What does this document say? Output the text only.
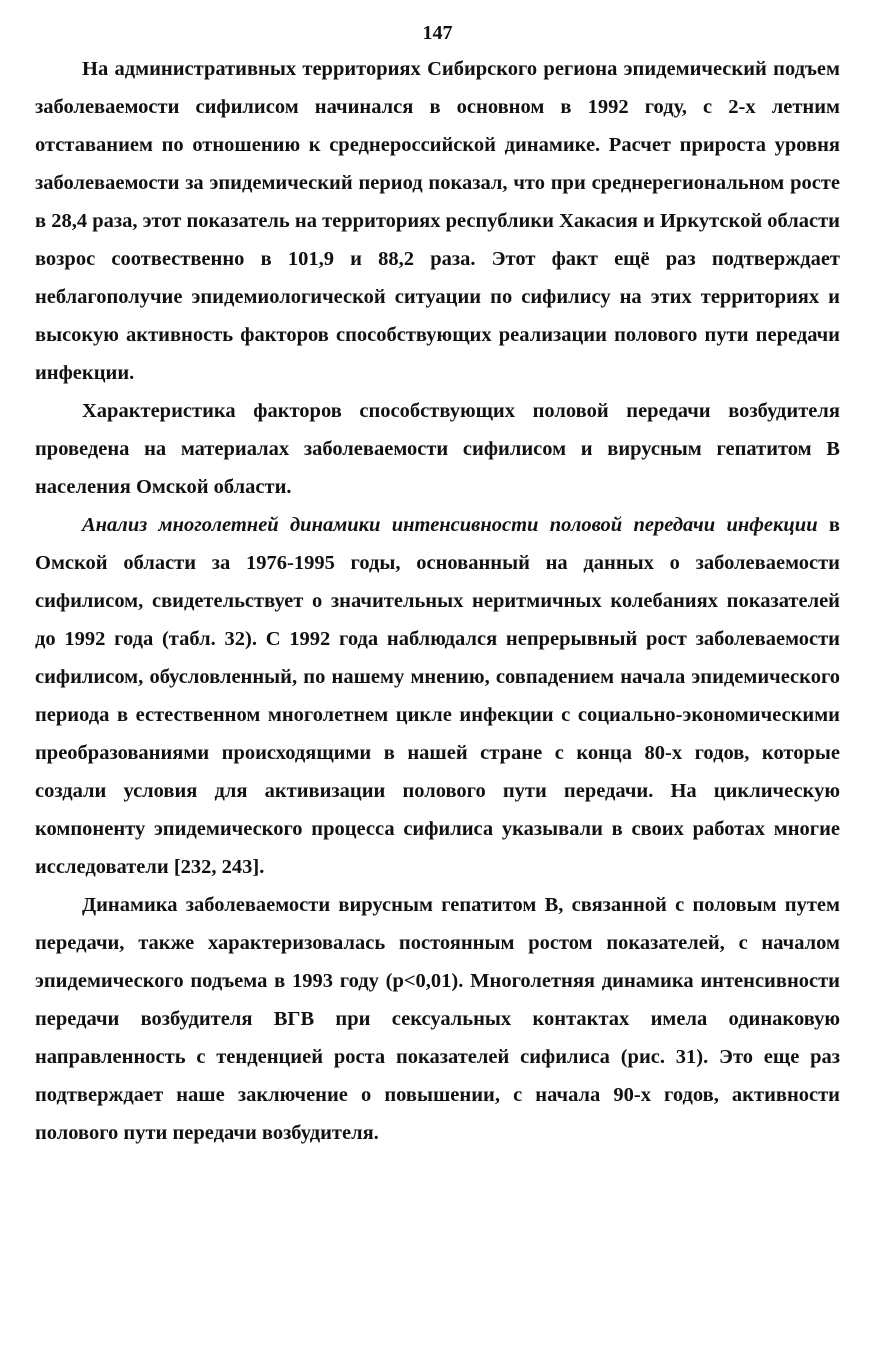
147

На административных территориях Сибирского региона эпидемический подъем заболеваемости сифилисом начинался в основном в 1992 году, с 2-х летним отставанием по отношению к среднероссийской динамике. Расчет прироста уровня заболеваемости за эпидемический период показал, что при среднерегиональном росте в 28,4 раза, этот показатель на территориях республики Хакасия и Иркутской области возрос соотвественно в 101,9 и 88,2 раза. Этот факт ещё раз подтверждает неблагополучие эпидемиологической ситуации по сифилису на этих территориях и высокую активность факторов способствующих реализации полового пути передачи инфекции.

Характеристика факторов способствующих половой передачи возбудителя проведена на материалах заболеваемости сифилисом и вирусным гепатитом В населения Омской области.

Анализ многолетней динамики интенсивности половой передачи инфекции в Омской области за 1976-1995 годы, основанный на данных о заболеваемости сифилисом, свидетельствует о значительных неритмичных колебаниях показателей до 1992 года (табл. 32). С 1992 года наблюдался непрерывный рост заболеваемости сифилисом, обусловленный, по нашему мнению, совпадением начала эпидемического периода в естественном многолетнем цикле инфекции с социально-экономическими преобразованиями происходящими в нашей стране с конца 80-х годов, которые создали условия для активизации полового пути передачи. На циклическую компоненту эпидемического процесса сифилиса указывали в своих работах многие исследователи [232, 243].

Динамика заболеваемости вирусным гепатитом В, связанной с половым путем передачи, также характеризовалась постоянным ростом показателей, с началом эпидемического подъема в 1993 году (р<0,01). Многолетняя динамика интенсивности передачи возбудителя ВГВ при сексуальных контактах имела одинаковую направленность с тенденцией роста показателей сифилиса (рис. 31). Это еще раз подтверждает наше заключение о повышении, с начала 90-х годов, активности полового пути передачи возбудителя.
